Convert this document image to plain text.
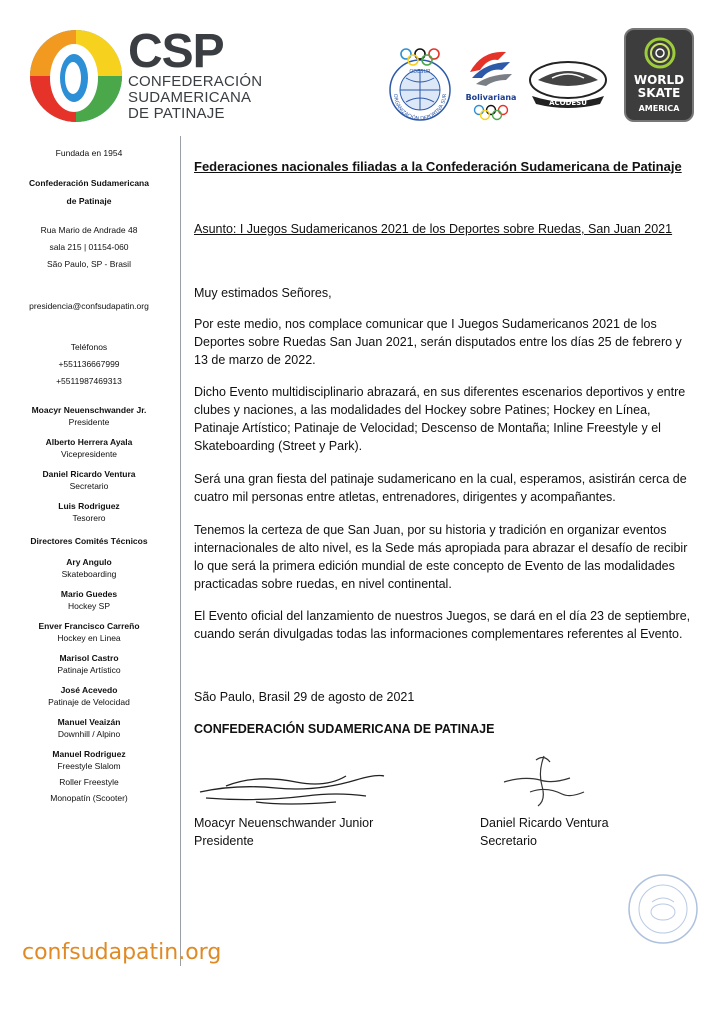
CSP
CONFEDERACIÓN
SUDAMERICANA
DE PATINAJE
ORGANIZACIÓN DEPORTIVA SUR
ODESUR
Bolivariana
ACODESU
WORLD
SKATE
AMERICA

Fundada en 1954

Confederación Sudamericana

de Patinaje

Rua Mario de Andrade 48

sala 215 | 01154-060

São Paulo, SP - Brasil

presidencia@confsudapatin.org

Teléfonos

+551136667999

+5511987469313

Moacyr Neuenschwander Jr.
Presidente
Alberto Herrera Ayala
Vicepresidente
Daniel Ricardo Ventura
Secretario
Luis Rodriguez
Tesorero

Directores Comités Técnicos

Ary Angulo
Skateboarding
Mario Guedes
Hockey SP
Enver Francisco Carreño
Hockey en Linea
Marisol Castro
Patinaje Artístico
José Acevedo
Patinaje de Velocidad
Manuel Veaizán
Downhill / Alpino
Manuel Rodriguez
Freestyle Slalom
Roller Freestyle
Monopatín (Scooter)
confsudapatin.org
Federaciones nacionales filiadas a la Confederación Sudamericana de Patinaje
Asunto: I Juegos Sudamericanos 2021 de los Deportes sobre Ruedas, San Juan 2021
Muy estimados Señores,
Por este medio, nos complace comunicar que I Juegos Sudamericanos 2021 de los Deportes sobre Ruedas San Juan 2021, serán disputados entre los días 25 de febrero y 13 de marzo de 2022.
Dicho Evento multidisciplinario abrazará, en sus diferentes escenarios deportivos y entre clubes y naciones, a las modalidades del Hockey sobre Patines; Hockey en Línea, Patinaje Artístico; Patinaje de Velocidad; Descenso de Montaña; Inline Freestyle y el Skateboarding (Street y Park).
Será una gran fiesta del patinaje sudamericano en la cual, esperamos, asistirán cerca de cuatro mil personas entre atletas, entrenadores, dirigentes y acompañantes.
Tenemos la certeza de que San Juan, por su historia y tradición en organizar eventos internacionales de alto nivel, es la Sede más apropiada para abrazar el desafío de recibir lo que será la primera edición mundial de este concepto de Evento de las modalidades practicadas sobre ruedas, en nivel continental.
El Evento oficial del lanzamiento de nuestros Juegos, se dará en el día 23 de septiembre, cuando serán divulgadas todas las informaciones complementares referentes al Evento.
São Paulo, Brasil 29 de agosto de 2021
CONFEDERACIÓN SUDAMERICANA DE PATINAJE
Moacyr Neuenschwander Junior
Presidente
Daniel Ricardo Ventura
Secretario
